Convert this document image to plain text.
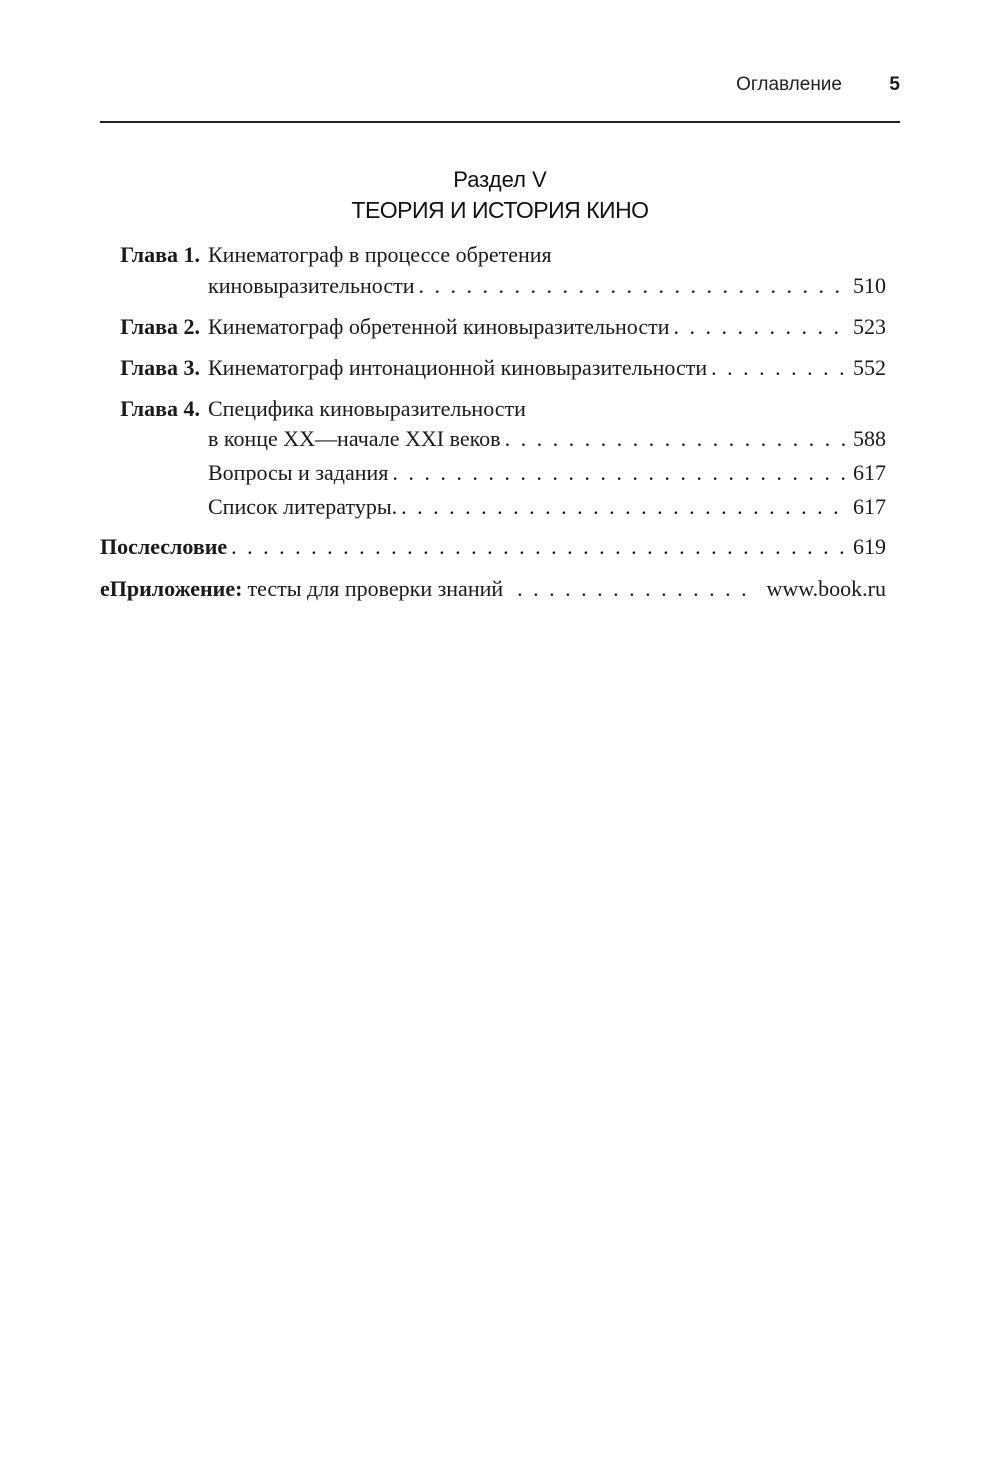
Оглавление 5
Раздел V
ТЕОРИЯ И ИСТОРИЯ КИНО
Глава 1. Кинематограф в процессе обретения
киновыразительности . . .	510
Глава 2. Кинематограф обретенной киновыразительности . . .	523
Глава 3. Кинематограф интонационной киновыразительности . . .	552
Глава 4. Специфика киновыразительности
в конце XX—начале XXI веков . . .	588
Вопросы и задания . . .	617
Список литературы. . . .	617
Послесловие . . .	619
еПриложение: тесты для проверки знаний . . .	www.book.ru
